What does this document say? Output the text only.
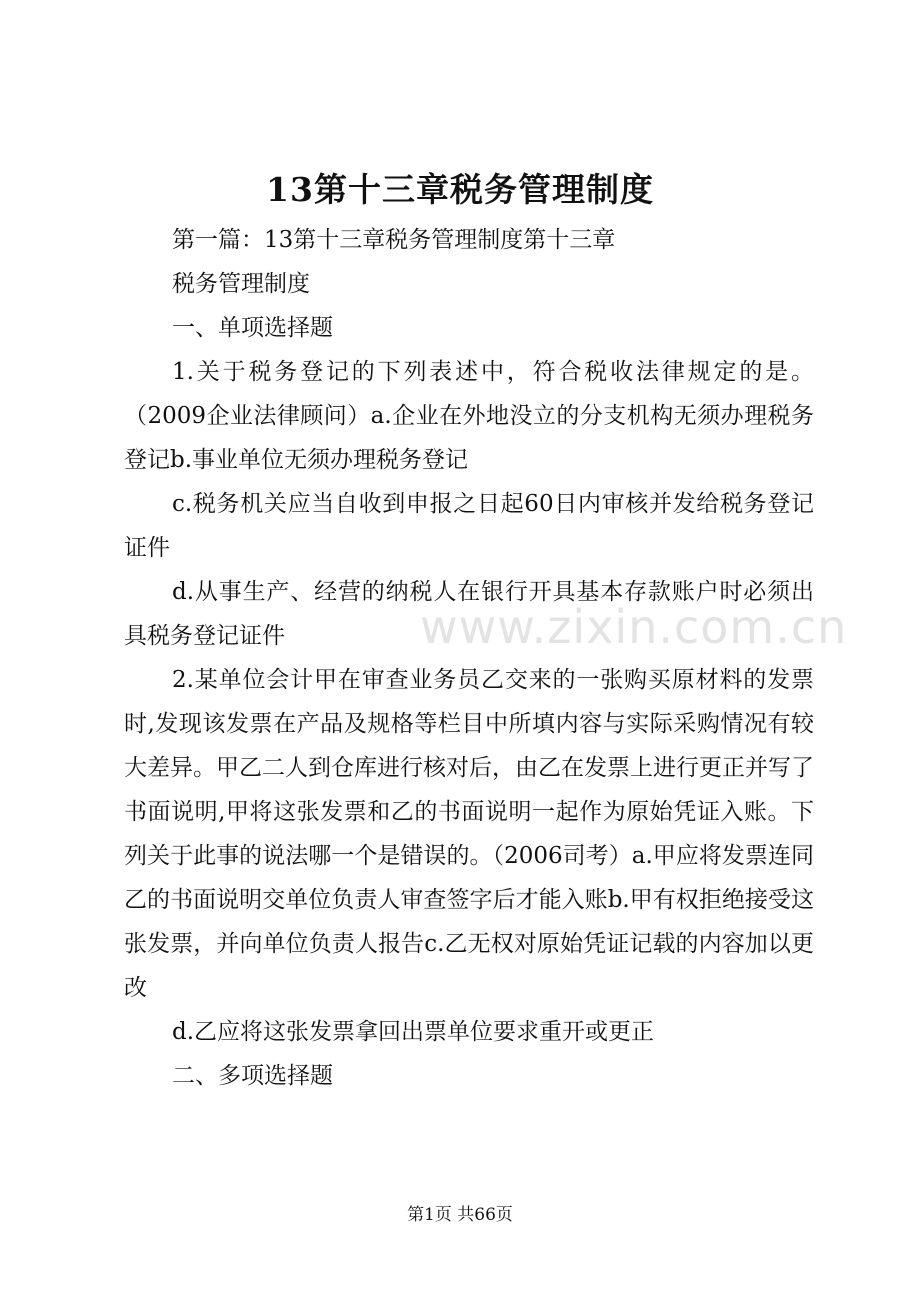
www.zixin.com.cn
13第十三章税务管理制度

第一篇：13第十三章税务管理制度第十三章

税务管理制度

一、单项选择题

1.关于税务登记的下列表述中，符合税收法律规定的是。（2009企业法律顾问）a.企业在外地没立的分支机构无须办理税务登记b.事业单位无须办理税务登记

c.税务机关应当自收到申报之日起60日内审核并发给税务登记证件

d.从事生产、经营的纳税人在银行开具基本存款账户时必须出具税务登记证件

2.某单位会计甲在审查业务员乙交来的一张购买原材料的发票时,发现该发票在产品及规格等栏目中所填内容与实际采购情况有较大差异。甲乙二人到仓库进行核对后，由乙在发票上进行更正并写了书面说明,甲将这张发票和乙的书面说明一起作为原始凭证入账。下列关于此事的说法哪一个是错误的。（2006司考）a.甲应将发票连同乙的书面说明交单位负责人审查签字后才能入账b.甲有权拒绝接受这张发票，并向单位负责人报告c.乙无权对原始凭证记载的内容加以更改

d.乙应将这张发票拿回出票单位要求重开或更正

二、多项选择题

第1页 共66页
